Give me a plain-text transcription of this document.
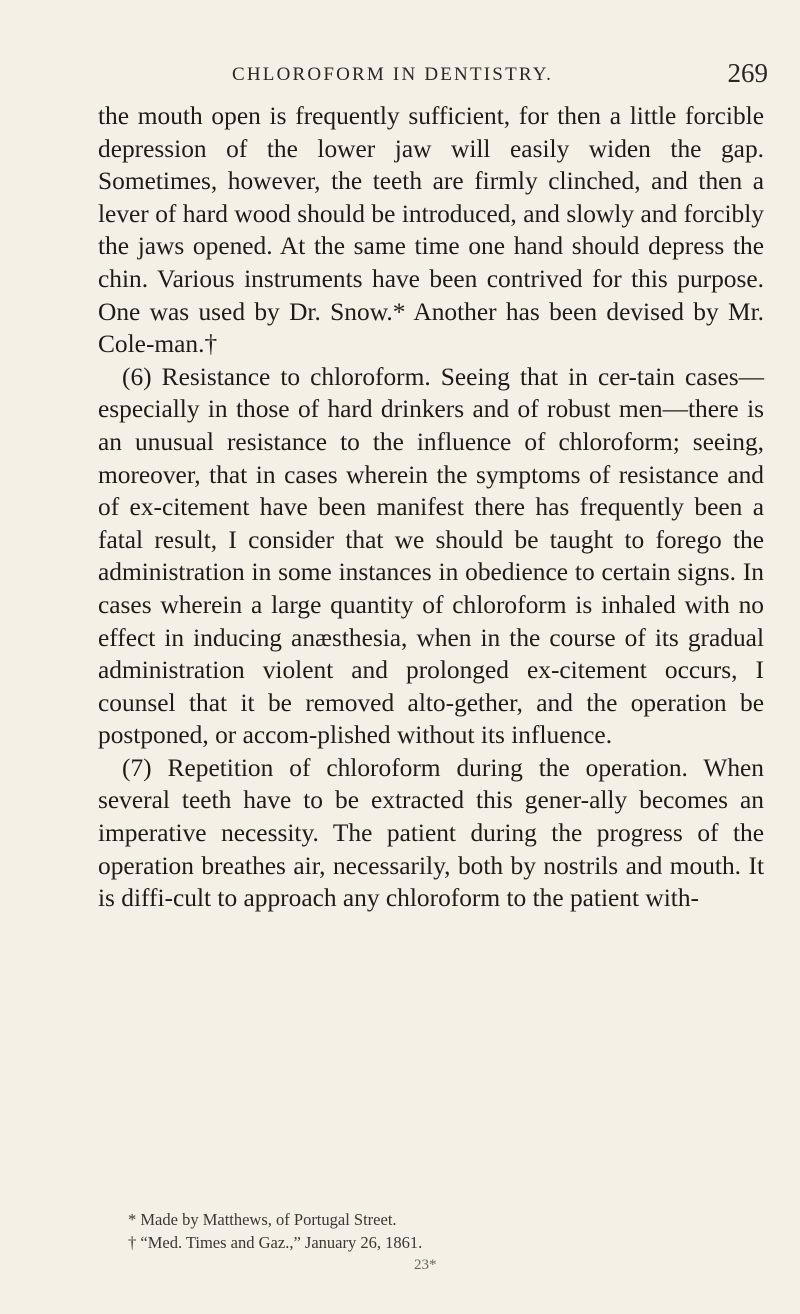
CHLOROFORM IN DENTISTRY.	269

the mouth open is frequently sufficient, for then a little forcible depression of the lower jaw will easily widen the gap. Sometimes, however, the teeth are firmly clinched, and then a lever of hard wood should be introduced, and slowly and forcibly the jaws opened. At the same time one hand should depress the chin. Various instruments have been contrived for this purpose. One was used by Dr. Snow.* Another has been devised by Mr. Cole-man.†

(6) Resistance to chloroform. Seeing that in cer-tain cases—especially in those of hard drinkers and of robust men—there is an unusual resistance to the influence of chloroform; seeing, moreover, that in cases wherein the symptoms of resistance and of ex-citement have been manifest there has frequently been a fatal result, I consider that we should be taught to forego the administration in some instances in obedience to certain signs. In cases wherein a large quantity of chloroform is inhaled with no effect in inducing anæsthesia, when in the course of its gradual administration violent and prolonged ex-citement occurs, I counsel that it be removed alto-gether, and the operation be postponed, or accom-plished without its influence.

(7) Repetition of chloroform during the operation. When several teeth have to be extracted this gener-ally becomes an imperative necessity. The patient during the progress of the operation breathes air, necessarily, both by nostrils and mouth. It is diffi-cult to approach any chloroform to the patient with-

* Made by Matthews, of Portugal Street.

† “Med. Times and Gaz.,” January 26, 1861.

23*
